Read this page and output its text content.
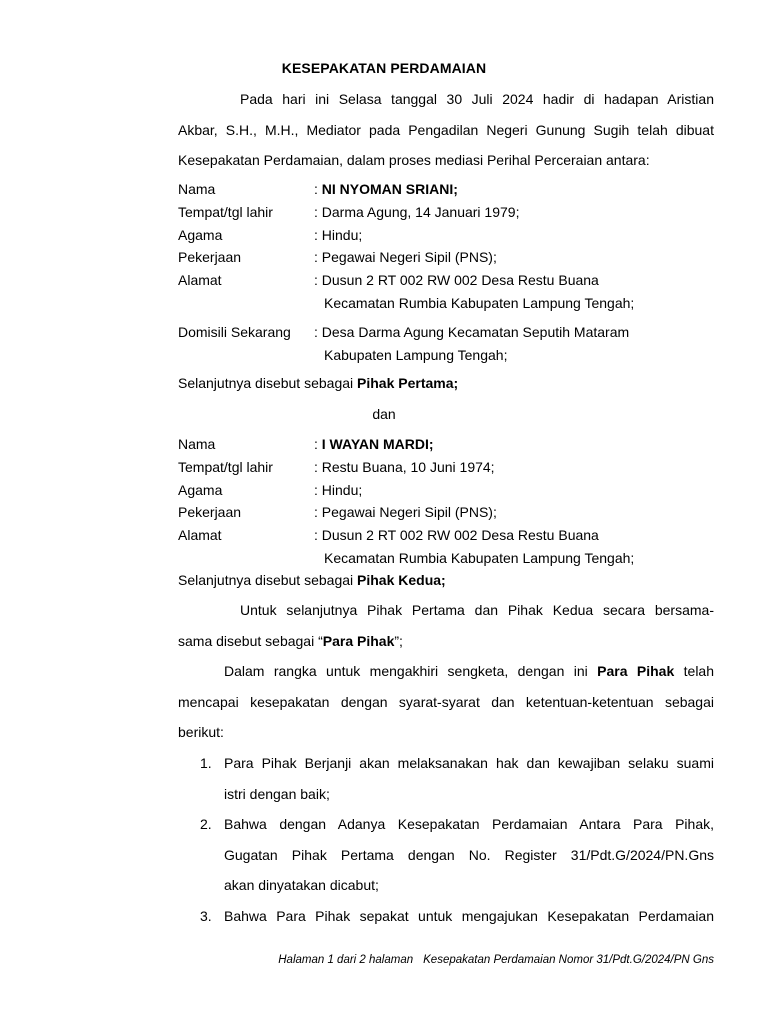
KESEPAKATAN PERDAMAIAN
Pada hari ini Selasa tanggal 30 Juli 2024 hadir di hadapan Aristian
Akbar, S.H., M.H., Mediator pada Pengadilan Negeri Gunung Sugih telah dibuat
Kesepakatan Perdamaian, dalam proses mediasi Perihal Perceraian antara:
Nama	: NI NYOMAN SRIANI;
Tempat/tgl lahir	: Darma Agung, 14 Januari 1979;
Agama	: Hindu;
Pekerjaan	: Pegawai Negeri Sipil (PNS);
Alamat	: Dusun 2 RT 002 RW 002 Desa Restu Buana
Kecamatan Rumbia Kabupaten Lampung Tengah;
Domisili Sekarang : Desa Darma Agung Kecamatan Seputih Mataram
Kabupaten Lampung Tengah;
Selanjutnya disebut sebagai Pihak Pertama;
dan
Nama	: I WAYAN MARDI;
Tempat/tgl lahir	: Restu Buana, 10 Juni 1974;
Agama	: Hindu;
Pekerjaan	: Pegawai Negeri Sipil (PNS);
Alamat	: Dusun 2 RT 002 RW 002 Desa Restu Buana
Kecamatan Rumbia Kabupaten Lampung Tengah;
Selanjutnya disebut sebagai Pihak Kedua;
Untuk selanjutnya Pihak Pertama dan Pihak Kedua secara bersama-
sama disebut sebagai “Para Pihak”;
Dalam rangka untuk mengakhiri sengketa, dengan ini Para Pihak telah
mencapai kesepakatan dengan syarat-syarat dan ketentuan-ketentuan sebagai
berikut:
1. Para Pihak Berjanji akan melaksanakan hak dan kewajiban selaku suami
istri dengan baik;
2. Bahwa dengan Adanya Kesepakatan Perdamaian Antara Para Pihak,
Gugatan Pihak Pertama dengan No. Register 31/Pdt.G/2024/PN.Gns
akan dinyatakan dicabut;
3. Bahwa Para Pihak sepakat untuk mengajukan Kesepakatan Perdamaian
Halaman 1 dari 2 halaman Kesepakatan Perdamaian Nomor 31/Pdt.G/2024/PN Gns
